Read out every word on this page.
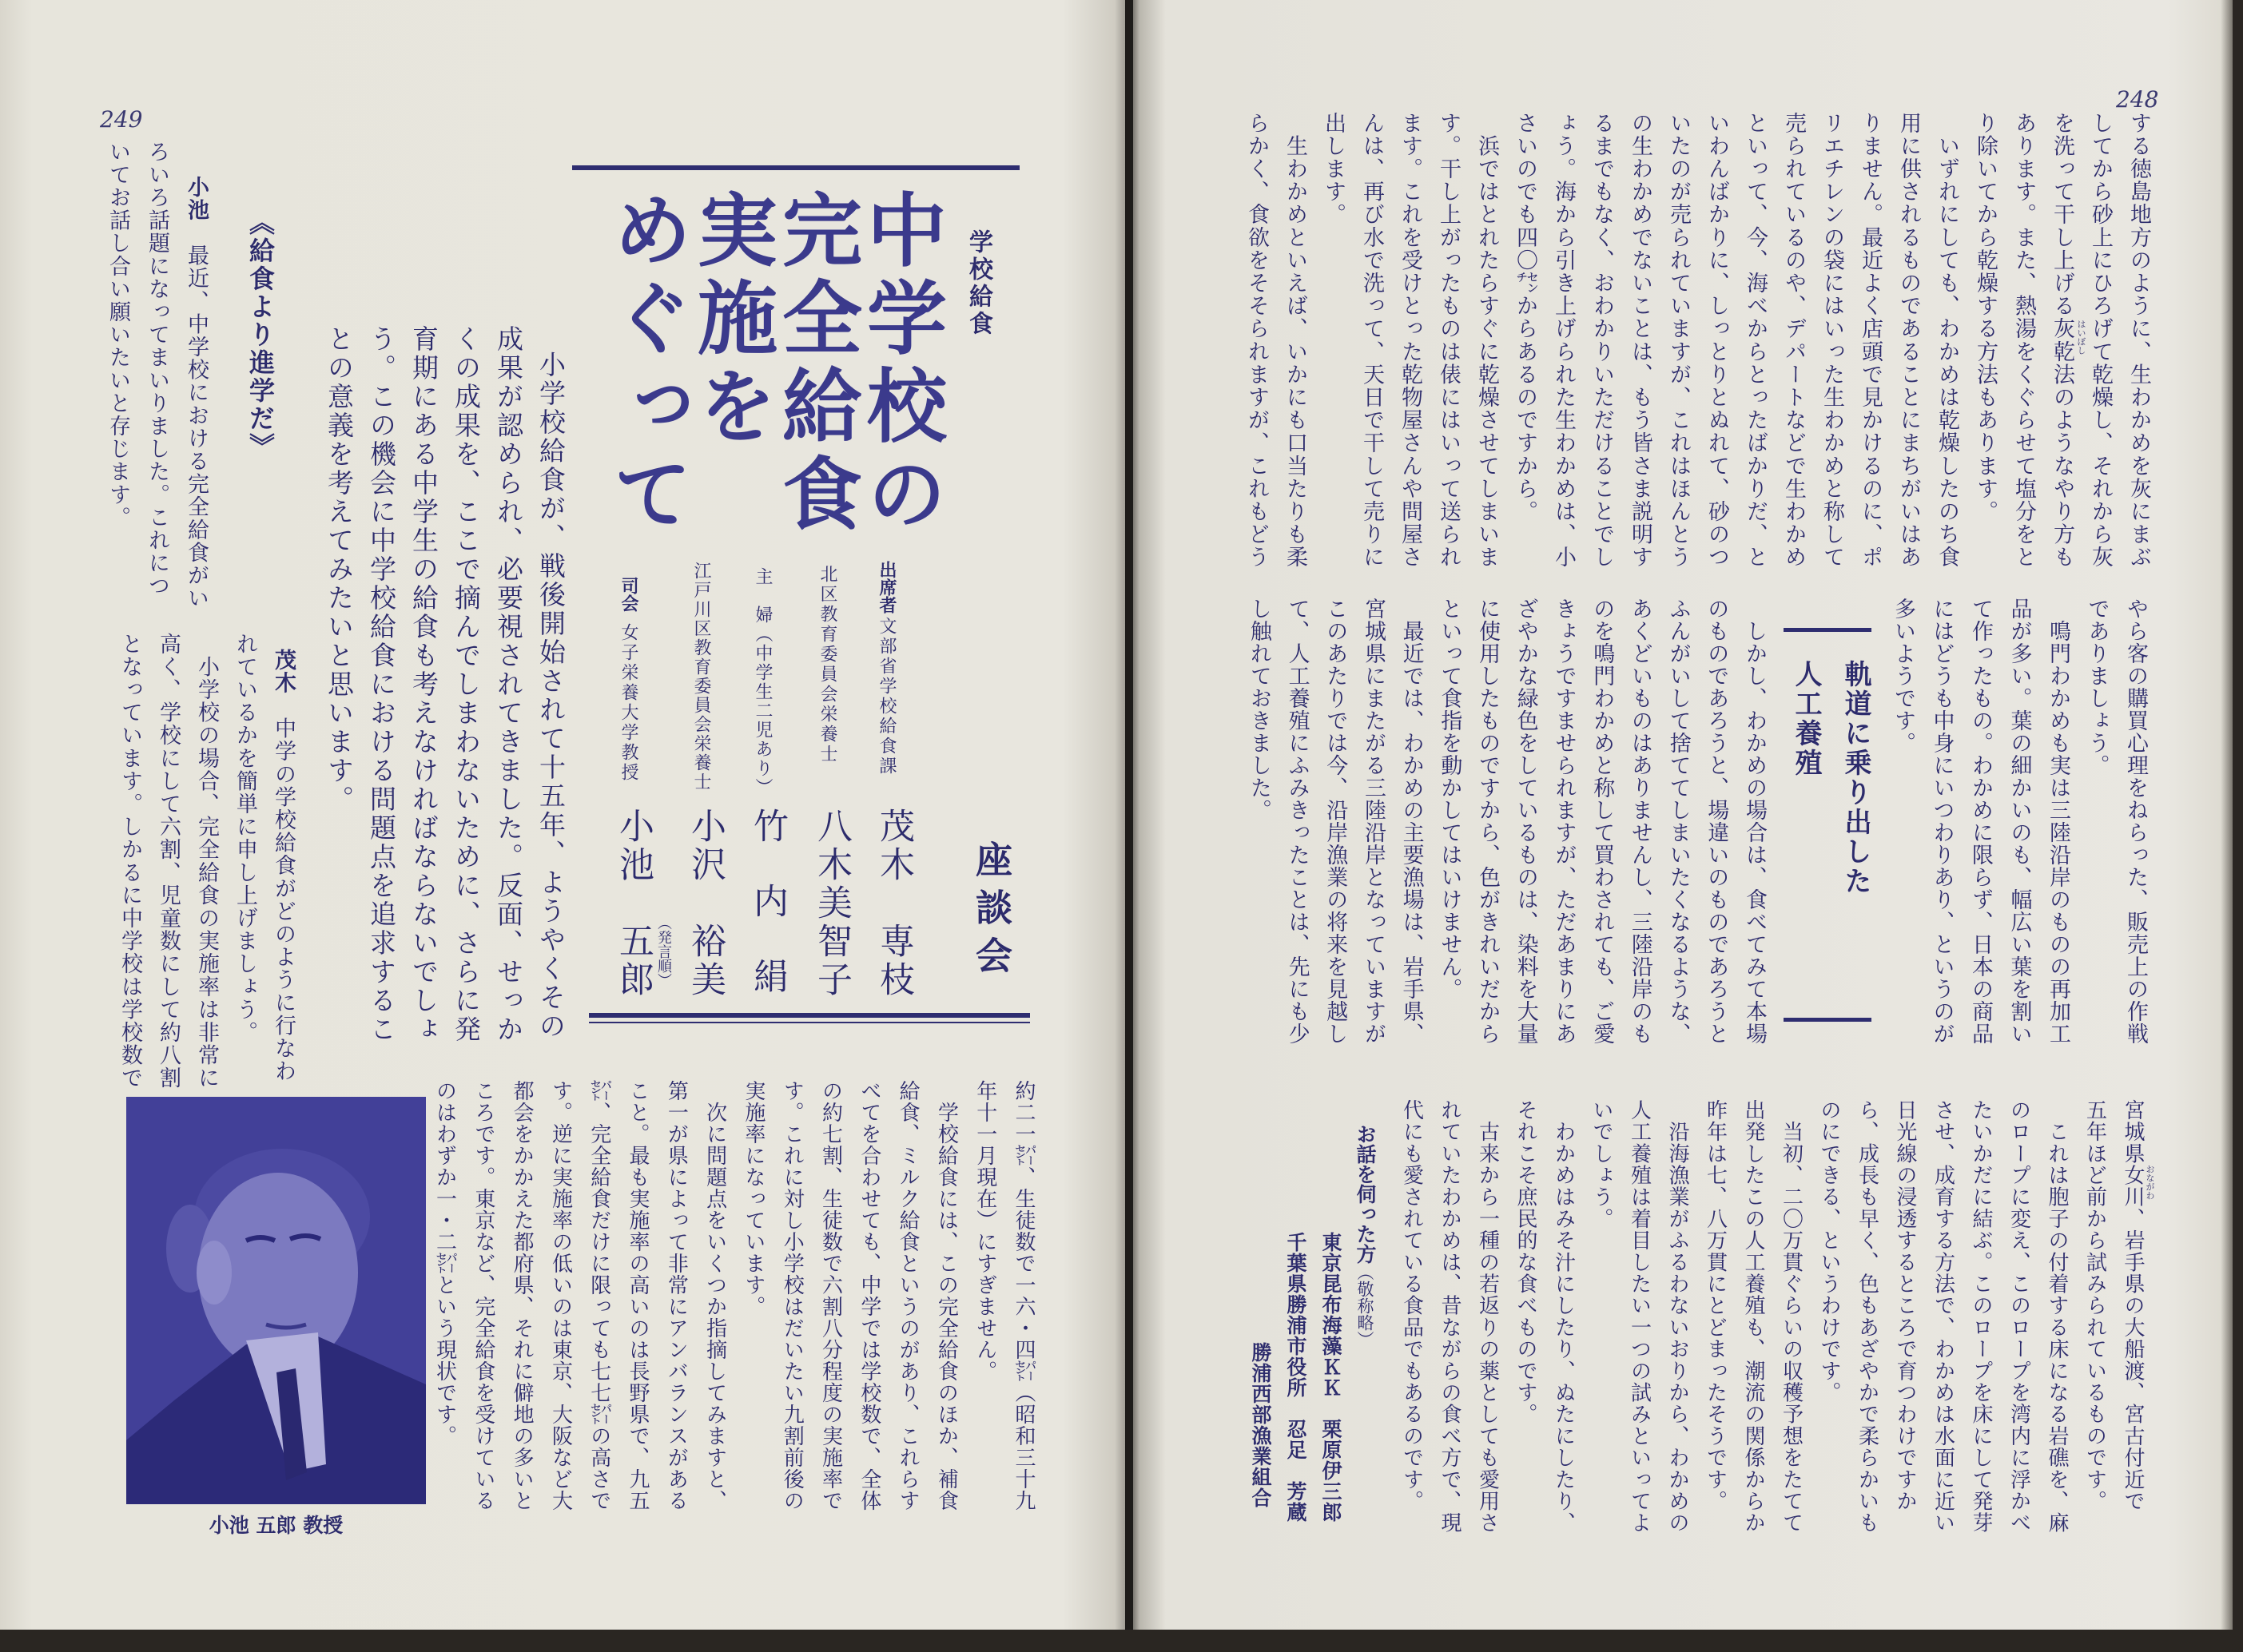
249
学校給食
中学校の
完全給食
実施を
めぐって
座談会
出席者
文部省学校給食課
茂木　専枝
北区教育委員会栄養士
八木美智子
主　婦（中学生二児あり）
竹　内　絹
江戸川区教育委員会栄養士
小沢　裕美
（発言順）
司会
女子栄養大学教授
小池　五郎
小学校給食が、戦後開始されて十五年、ようやくその
成果が認められ、必要視されてきました。反面、せっか
くの成果を、ここで摘んでしまわないために、さらに発
育期にある中学生の給食も考えなければならないでしょ
う。この機会に中学校給食における問題点を追求するこ
との意義を考えてみたいと思います。
《給食より進学だ》
小池　最近、中学校における完全給食がい
ろいろ話題になってまいりました。これにつ
いてお話し合い願いたいと存じます。
茂木　中学の学校給食がどのように行なわ
れているかを簡単に申し上げましょう。
　小学校の場合、完全給食の実施率は非常に
高く、学校にして六割、児童数にして約八割
となっています。しかるに中学校は学校数で
約二一㌫、生徒数で一六・四㌫（昭和三十九
年十一月現在）にすぎません。
　学校給食には、この完全給食のほか、補食
給食、ミルク給食というのがあり、これらす
べてを合わせても、中学では学校数で、全体
の約七割、生徒数で六割八分程度の実施率で
す。これに対し小学校はだいたい九割前後の
実施率になっています。
　次に問題点をいくつか指摘してみますと、
第一が県によって非常にアンバランスがある
こと。最も実施率の高いのは長野県で、九五
㌫、完全給食だけに限っても七七㌫の高さで
す。逆に実施率の低いのは東京、大阪など大
都会をかかえた都府県、それに僻地の多いと
ころです。東京など、完全給食を受けている
のはわずか一・二㌫という現状です。
小池 五郎 教授
248
する徳島地方のように、生わかめを灰にまぶ
してから砂上にひろげて乾燥し、それから灰
を洗って干し上げる灰乾法のようなやり方も
あります。また、熱湯をくぐらせて塩分をと
り除いてから乾燥する方法もあります。
　いずれにしても、わかめは乾燥したのち食
用に供されるものであることにまちがいはあ
りません。最近よく店頭で見かけるのに、ポ
リエチレンの袋にはいった生わかめと称して
売られているのや、デパートなどで生わかめ
といって、今、海べからとったばかりだ、と
いわんばかりに、しっとりとぬれて、砂のつ
いたのが売られていますが、これはほんとう
の生わかめでないことは、もう皆さま説明す
るまでもなく、おわかりいただけることでし
ょう。海から引き上げられた生わかめは、小
さいのでも四〇㌢からあるのですから。
　浜ではとれたらすぐに乾燥させてしまいま
す。干し上がったものは俵にはいって送られ
ます。これを受けとった乾物屋さんや問屋さ
んは、再び水で洗って、天日で干して売りに
出します。
　生わかめといえば、いかにも口当たりも柔
らかく、食欲をそそられますが、これもどう	はいぼし
やら客の購買心理をねらった、販売上の作戦
でありましょう。
　鳴門わかめも実は三陸沿岸のものの再加工
品が多い。葉の細かいのも、幅広い葉を割い
て作ったもの。わかめに限らず、日本の商品
にはどうも中身にいつわりあり、というのが
多いようです。
軌道に乗り出した
人工養殖
　しかし、わかめの場合は、食べてみて本場
のものであろうと、場違いのものであろうと
ふんがいして捨ててしまいたくなるような、
あくどいものはありませんし、三陸沿岸のも
のを鳴門わかめと称して買わされても、ご愛
きょうですませられますが、ただあまりにあ
ざやかな緑色をしているものは、染料を大量
に使用したものですから、色がきれいだから
といって食指を動かしてはいけません。
　最近では、わかめの主要漁場は、岩手県、
宮城県にまたがる三陸沿岸となっていますが
このあたりでは今、沿岸漁業の将来を見越し
て、人工養殖にふみきったことは、先にも少
し触れておきました。
宮城県女川、岩手県の大船渡、宮古付近で
五年ほど前から試みられているものです。
　これは胞子の付着する床になる岩礁を、麻
のロープに変え、このロープを湾内に浮かべ
たいかだに結ぶ。このロープを床にして発芽
させ、成育する方法で、わかめは水面に近い
日光線の浸透するところで育つわけですか
ら、成長も早く、色もあざやかで柔らかいも
のにできる、というわけです。
　当初、二〇万貫ぐらいの収穫予想をたてて
出発したこの人工養殖も、潮流の関係からか
昨年は七、八万貫にとどまったそうです。
　沿海漁業がふるわないおりから、わかめの
人工養殖は着目したい一つの試みといってよ
いでしょう。
　わかめはみそ汁にしたり、ぬたにしたり、
それこそ庶民的な食べものです。
　古来から一種の若返りの薬としても愛用さ
れていたわかめは、昔ながらの食べ方で、現
代にも愛されている食品でもあるのです。	おながわ
お話を伺った方（敬称略）
東京昆布海藻ＫＫ　栗原伊三郎
千葉県勝浦市役所　忍足　芳蔵
勝浦西部漁業組合
